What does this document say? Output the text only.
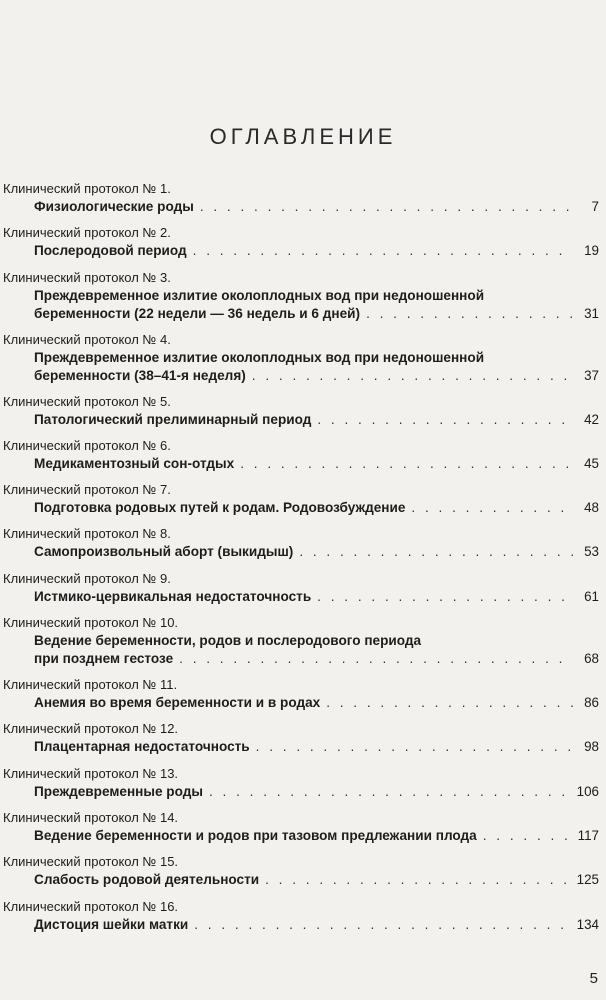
ОГЛАВЛЕНИЕ
Клинический протокол № 1.
Физиологические роды . . .	7
Клинический протокол № 2.
Послеродовой период . . .	19
Клинический протокол № 3.
Преждевременное излитие околоплодных вод при недоношенной
беременности (22 недели — 36 недель и 6 дней) . . .	31
Клинический протокол № 4.
Преждевременное излитие околоплодных вод при недоношенной
беременности (38–41-я неделя) . . .	37
Клинический протокол № 5.
Патологический прелиминарный период . . .	42
Клинический протокол № 6.
Медикаментозный сон-отдых . . .	45
Клинический протокол № 7.
Подготовка родовых путей к родам. Родовозбуждение . . .	48
Клинический протокол № 8.
Самопроизвольный аборт (выкидыш) . . .	53
Клинический протокол № 9.
Истмико-цервикальная недостаточность . . .	61
Клинический протокол № 10.
Ведение беременности, родов и послеродового периода
при позднем гестозе . . .	68
Клинический протокол № 11.
Анемия во время беременности и в родах . . .	86
Клинический протокол № 12.
Плацентарная недостаточность . . .	98
Клинический протокол № 13.
Преждевременные роды . . .	106
Клинический протокол № 14.
Ведение беременности и родов при тазовом предлежании плода . . .	117
Клинический протокол № 15.
Слабость родовой деятельности . . .	125
Клинический протокол № 16.
Дистоция шейки матки . . .	134
5
